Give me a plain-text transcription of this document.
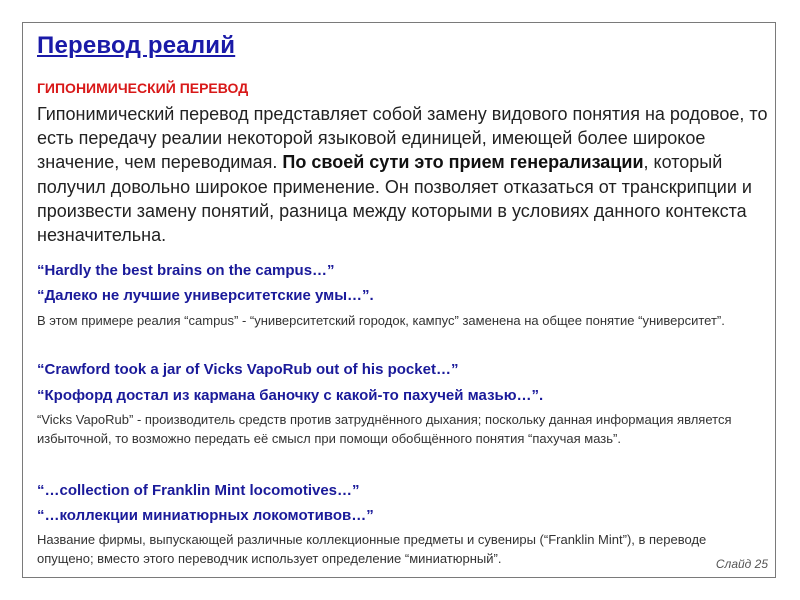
Перевод реалий
ГИПОНИМИЧЕСКИЙ ПЕРЕВОД
Гипонимический перевод представляет собой замену видового понятия на родовое, то есть передачу реалии некоторой языковой единицей, имеющей более широкое значение, чем переводимая. По своей сути это прием генерализации, который получил довольно широкое применение. Он позволяет отказаться от транскрипции и произвести замену понятий, разница между которыми в условиях данного контекста незначительна.
“Hardly the best brains on the campus…”
“Далеко не лучшие университетские умы…”.
В этом примере реалия “campus” - “университетский городок, кампус” заменена на общее понятие “университет”.
“Crawford took a jar of Vicks VapoRub out of his pocket…”
“Крофорд достал из кармана баночку с какой-то пахучей мазью…”.
“Vicks VapoRub” - производитель средств против затруднённого дыхания; поскольку данная информация является избыточной, то возможно передать её смысл при помощи обобщённого понятия “пахучая мазь”.
“…collection of Franklin Mint locomotives…”
“…коллекции миниатюрных локомотивов…”
Название фирмы, выпускающей различные коллекционные предметы и сувениры (“Franklin Mint”), в переводе опущено; вместо этого переводчик использует определение “миниатюрный”.	Слайд 25
